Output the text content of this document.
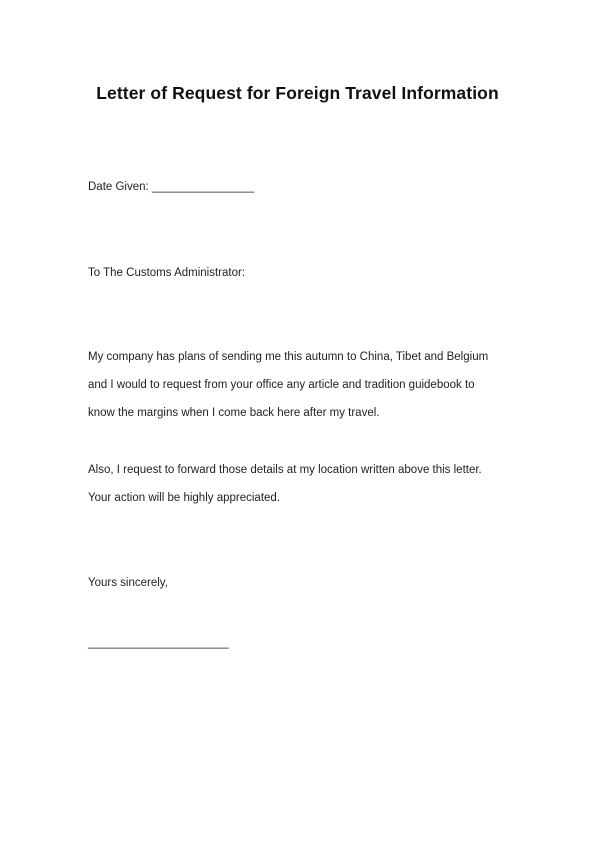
Letter of Request for Foreign Travel Information
Date Given: ________________
To The Customs Administrator:
My company has plans of sending me this autumn to China, Tibet and Belgium
and I would to request from your office any article and tradition guidebook to
know the margins when I come back here after my travel.
Also, I request to forward those details at my location written above this letter.
Your action will be highly appreciated.
Yours sincerely,
______________________
